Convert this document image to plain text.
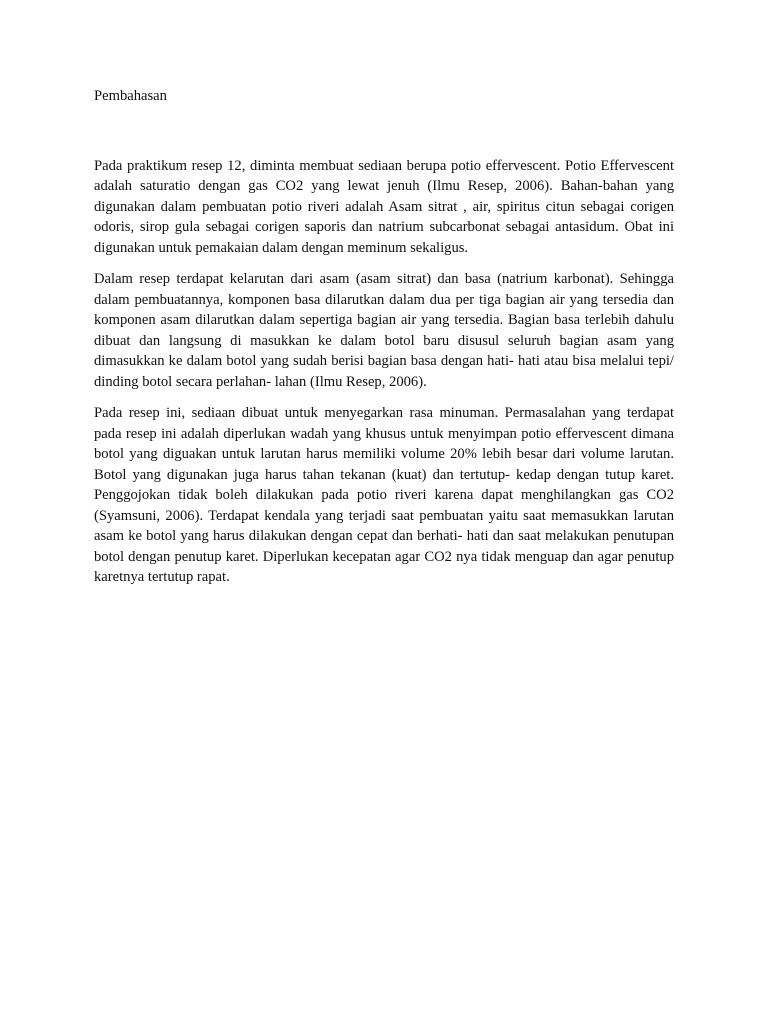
Pembahasan

Pada praktikum resep 12, diminta membuat sediaan berupa potio effervescent. Potio Effervescent adalah saturatio dengan gas CO2 yang lewat jenuh (Ilmu Resep, 2006). Bahan-bahan yang digunakan dalam pembuatan potio riveri adalah Asam sitrat , air, spiritus citun sebagai corigen odoris, sirop gula sebagai corigen saporis dan natrium subcarbonat sebagai antasidum. Obat ini digunakan untuk pemakaian dalam dengan meminum sekaligus.

Dalam resep terdapat kelarutan dari asam (asam sitrat) dan basa (natrium karbonat). Sehingga dalam pembuatannya, komponen basa dilarutkan dalam dua per tiga bagian air yang tersedia dan komponen asam dilarutkan dalam sepertiga bagian air yang tersedia. Bagian basa terlebih dahulu dibuat dan langsung di masukkan ke dalam botol baru disusul seluruh bagian asam yang dimasukkan ke dalam botol yang sudah berisi bagian basa dengan hati- hati atau bisa melalui tepi/ dinding botol secara perlahan- lahan (Ilmu Resep, 2006).

Pada resep ini, sediaan dibuat untuk menyegarkan rasa minuman. Permasalahan yang terdapat pada resep ini adalah diperlukan wadah yang khusus untuk menyimpan potio effervescent dimana botol yang diguakan untuk larutan harus memiliki volume 20% lebih besar dari volume larutan. Botol yang digunakan juga harus tahan tekanan (kuat) dan tertutup- kedap dengan tutup karet. Penggojokan tidak boleh dilakukan pada potio riveri karena dapat menghilangkan gas CO2 (Syamsuni, 2006). Terdapat kendala yang terjadi saat pembuatan yaitu saat memasukkan larutan asam ke botol yang harus dilakukan dengan cepat dan berhati- hati dan saat melakukan penutupan botol dengan penutup karet. Diperlukan kecepatan agar CO2 nya tidak menguap dan agar penutup karetnya tertutup rapat.
